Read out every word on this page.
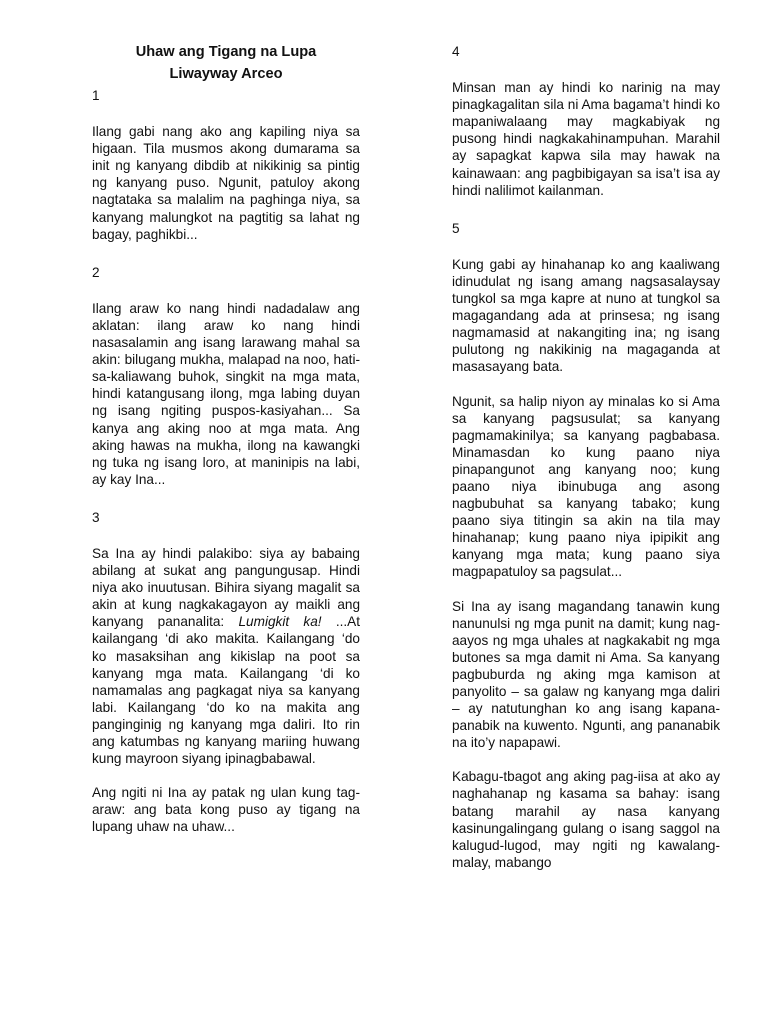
Uhaw ang Tigang na Lupa
Liwayway Arceo

1

Ilang gabi nang ako ang kapiling niya sa higaan. Tila musmos akong dumarama sa init ng kanyang dibdib at nikikinig sa pintig ng kanyang puso. Ngunit, patuloy akong nagtataka sa malalim na paghinga niya, sa kanyang malungkot na pagtitig sa lahat ng bagay, paghikbi...

2

Ilang araw ko nang hindi nadadalaw ang aklatan: ilang araw ko nang hindi nasasalamin ang isang larawang mahal sa akin: bilugang mukha, malapad na noo, hati-sa-kaliawang buhok, singkit na mga mata, hindi katangusang ilong, mga labing duyan ng isang ngiting puspos-kasiyahan... Sa kanya ang aking noo at mga mata. Ang aking hawas na mukha, ilong na kawangki ng tuka ng isang loro, at maninipis na labi, ay kay Ina...

3

Sa Ina ay hindi palakibo: siya ay babaing abilang at sukat ang pangungusap. Hindi niya ako inuutusan. Bihira siyang magalit sa akin at kung nagkakagayon ay maikli ang kanyang pananalita: Lumigkit ka! ...At kailangang ‘di ako makita. Kailangang ‘do ko masaksihan ang kikislap na poot sa kanyang mga mata. Kailangang ‘di ko namamalas ang pagkagat niya sa kanyang labi. Kailangang ‘do ko na makita ang panginginig ng kanyang mga daliri. Ito rin ang katumbas ng kanyang mariing huwang kung mayroon siyang ipinagbabawal.

Ang ngiti ni Ina ay patak ng ulan kung tag-araw: ang bata kong puso ay tigang na lupang uhaw na uhaw...

4

Minsan man ay hindi ko narinig na may pinagkagalitan sila ni Ama bagama’t hindi ko mapaniwalaang may magkabiyak ng pusong hindi nagkakahinampuhan. Marahil ay sapagkat kapwa sila may hawak na kainawaan: ang pagbibigayan sa isa’t isa ay hindi nalilimot kailanman.

5

Kung gabi ay hinahanap ko ang kaaliwang idinudulat ng isang amang nagsasalaysay tungkol sa mga kapre at nuno at tungkol sa magagandang ada at prinsesa; ng isang nagmamasid at nakangiting ina; ng isang pulutong ng nakikinig na magaganda at masasayang bata.

Ngunit, sa halip niyon ay minalas ko si Ama sa kanyang pagsusulat; sa kanyang pagmamakinilya; sa kanyang pagbabasa. Minamasdan ko kung paano niya pinapangunot ang kanyang noo; kung paano niya ibinubuga ang asong nagbubuhat sa kanyang tabako; kung paano siya titingin sa akin na tila may hinahanap; kung paano niya ipipikit ang kanyang mga mata; kung paano siya magpapatuloy sa pagsulat...

Si Ina ay isang magandang tanawin kung nanunulsi ng mga punit na damit; kung nag-aayos ng mga uhales at nagkakabit ng mga butones sa mga damit ni Ama. Sa kanyang pagbuburda ng aking mga kamison at panyolito – sa galaw ng kanyang mga daliri – ay natutunghan ko ang isang kapana-panabik na kuwento. Ngunti, ang pananabik na ito’y napapawi.

Kabagu-tbagot ang aking pag-iisa at ako ay naghahanap ng kasama sa bahay: isang batang marahil ay nasa kanyang kasinungalingang gulang o isang saggol na kalugud-lugod, may ngiti ng kawalang-malay, mabango
